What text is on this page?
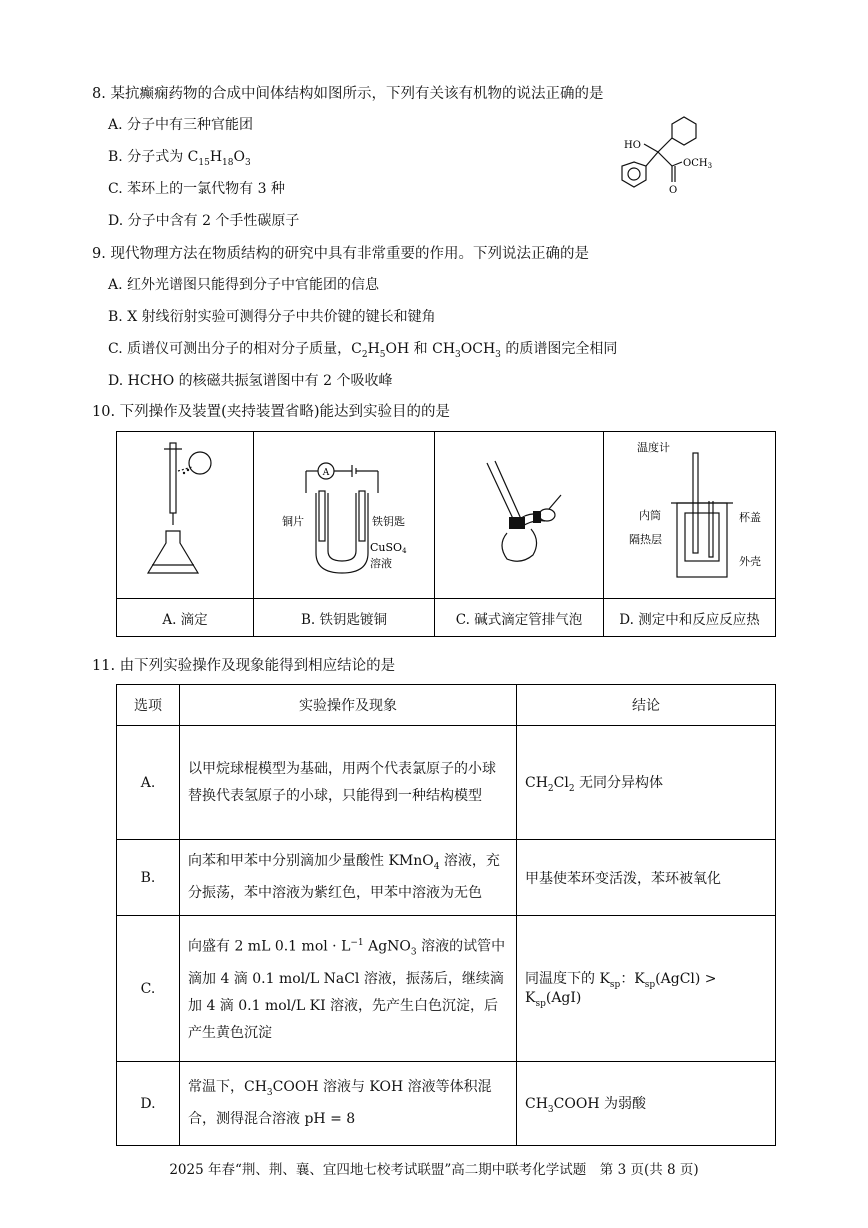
8. 某抗癫痫药物的合成中间体结构如图所示，下列有关该有机物的说法正确的是
A. 分子中有三种官能团
B. 分子式为 $C_{15}H_{18}O_3$
C. 苯环上的一氯代物有 3 种
D. 分子中含有 2 个手性碳原子
HO
$OCH_3$
O
9. 现代物理方法在物质结构的研究中具有非常重要的作用。下列说法正确的是
A. 红外光谱图只能得到分子中官能团的信息
B. X 射线衍射实验可测得分子中共价键的键长和键角
C. 质谱仪可测出分子的相对分子质量，$C_2H_5OH$ 和 $CH_3OCH_3$ 的质谱图完全相同
D. HCHO 的核磁共振氢谱图中有 2 个吸收峰
10. 下列操作及装置(夹持装置省略)能达到实验目的的是

A
铜片 铁钥匙
CuSO4
溶液		温度计
内筒 杯盖
隔热层
外壳

A. 滴定	B. 铁钥匙镀铜	C. 碱式滴定管排气泡	D. 测定中和反应反应热
11. 由下列实验操作及现象能得到相应结论的是
选项	实验操作及现象	结论
A.	以甲烷球棍模型为基础，用两个代表氯原子的小球替换代表氢原子的小球，只能得到一种结构模型	$CH_2Cl_2$ 无同分异构体
B.	向苯和甲苯中分别滴加少量酸性 KMnO$_4$ 溶液，充分振荡，苯中溶液为紫红色，甲苯中溶液为无色	甲基使苯环变活泼，苯环被氧化
C.	向盛有 2 mL 0.1 mol · $L^{-1}$ AgNO$_3$ 溶液的试管中滴加 4 滴 0.1 mol/L NaCl 溶液，振荡后，继续滴加 4 滴 0.1 mol/L KI 溶液，先产生白色沉淀，后产生黄色沉淀	同温度下的 $K_{sp}$：$K_{sp}(AgCl) > K_{sp}(AgI)$
D.	常温下，$CH_3COOH$ 溶液与 KOH 溶液等体积混合，测得混合溶液 pH = 8	$CH_3COOH$ 为弱酸
2025 年春“荆、荆、襄、宜四地七校考试联盟”高二期中联考化学试题　第 3 页(共 8 页)
